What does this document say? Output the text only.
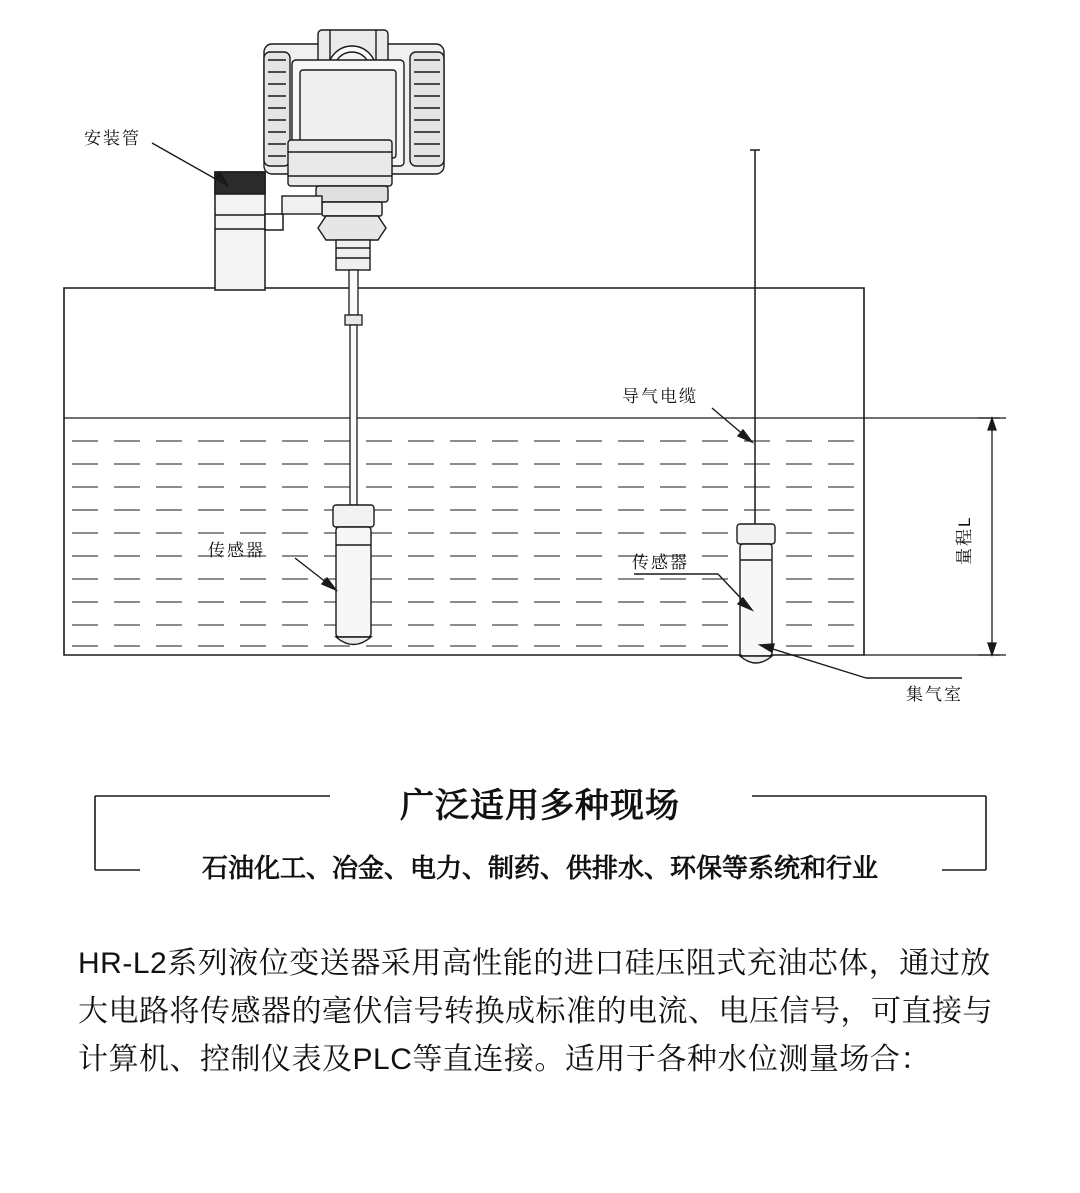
量程L
安装管
传感器
导气电缆
传感器
集气室
广泛适用多种现场
石油化工、冶金、电力、制药、供排水、环保等系统和行业
HR-L2系列液位变送器采用高性能的进口硅压阻式充油芯体，通过放大电路将传感器的毫伏信号转换成标准的电流、电压信号，可直接与计算机、控制仪表及PLC等直连接。适用于各种水位测量场合：
